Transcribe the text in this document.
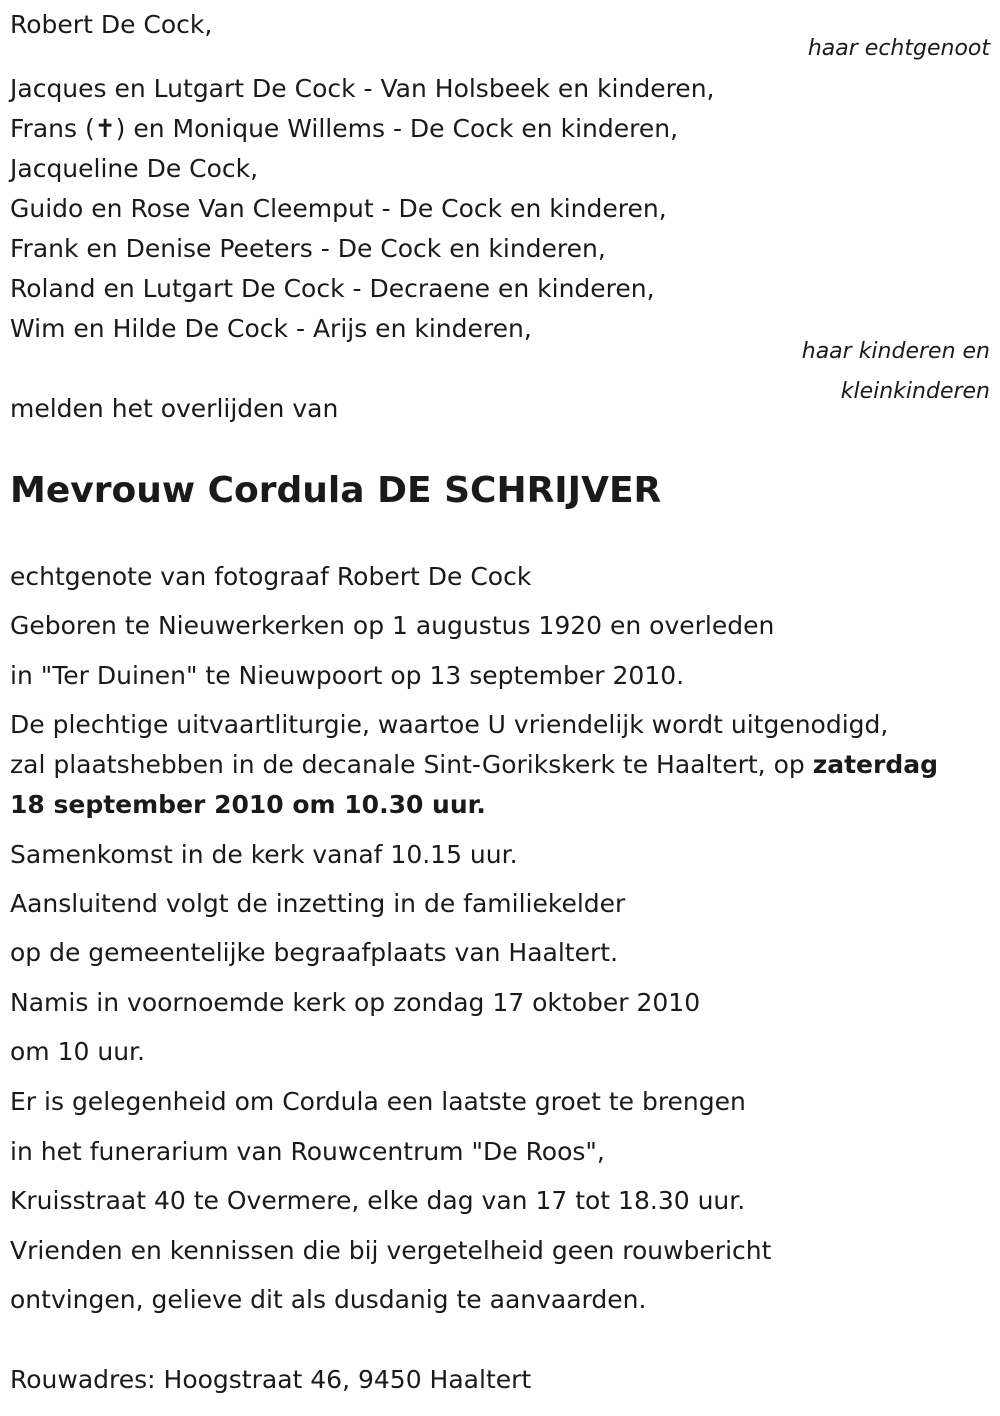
Robert De Cock,
haar echtgenoot
Jacques en Lutgart De Cock - Van Holsbeek en kinderen,
Frans (✝) en Monique Willems - De Cock en kinderen,
Jacqueline De Cock,
Guido en Rose Van Cleemput - De Cock en kinderen,
Frank en Denise Peeters - De Cock en kinderen,
Roland en Lutgart De Cock - Decraene en kinderen,
Wim en Hilde De Cock - Arijs en kinderen,
haar kinderen en
kleinkinderen
melden het overlijden van
Mevrouw Cordula DE SCHRIJVER
echtgenote van fotograaf Robert De Cock
Geboren te Nieuwerkerken op 1 augustus 1920 en overleden
in "Ter Duinen" te Nieuwpoort op 13 september 2010.
De plechtige uitvaartliturgie, waartoe U vriendelijk wordt uitgenodigd,
zal plaatshebben in de decanale Sint-Gorikskerk te Haaltert, op zaterdag
18 september 2010 om 10.30 uur.
Samenkomst in de kerk vanaf 10.15 uur.
Aansluitend volgt de inzetting in de familiekelder
op de gemeentelijke begraafplaats van Haaltert.
Namis in voornoemde kerk op zondag 17 oktober 2010
om 10 uur.
Er is gelegenheid om Cordula een laatste groet te brengen
in het funerarium van Rouwcentrum "De Roos",
Kruisstraat 40 te Overmere, elke dag van 17 tot 18.30 uur.
Vrienden en kennissen die bij vergetelheid geen rouwbericht
ontvingen, gelieve dit als dusdanig te aanvaarden.
Rouwadres: Hoogstraat 46, 9450 Haaltert
